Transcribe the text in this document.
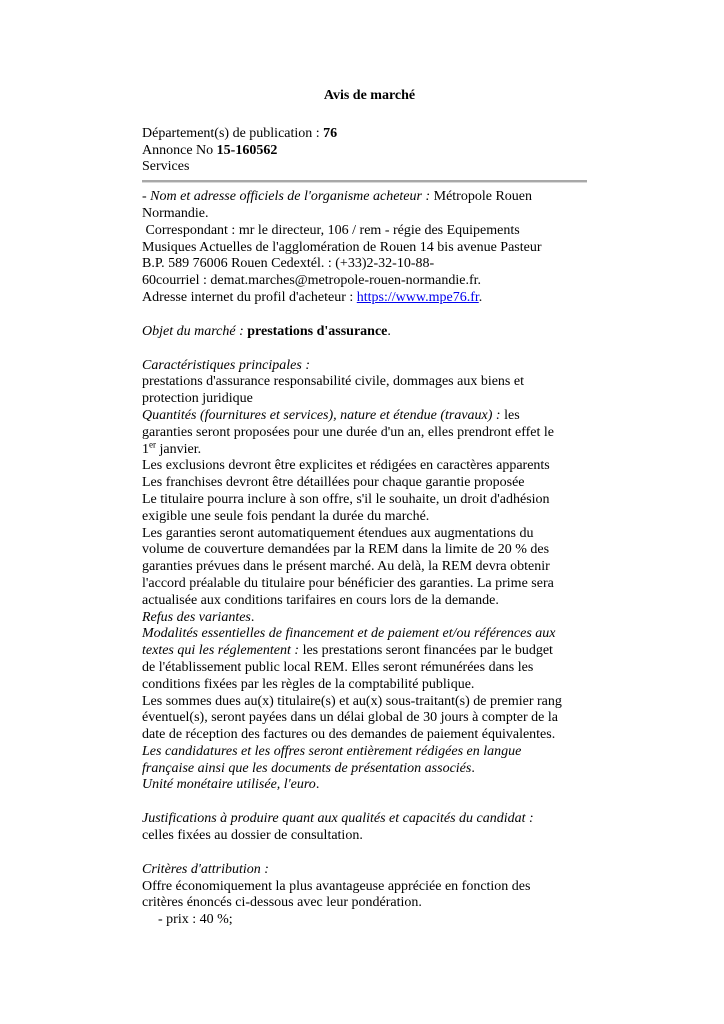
Avis de marché

Département(s) de publication : 76

Annonce No 15-160562

Services

- Nom et adresse officiels de l'organisme acheteur : Métropole Rouen

Normandie.

Correspondant : mr le directeur, 106 / rem - régie des Equipements

Musiques Actuelles de l'agglomération de Rouen 14 bis avenue Pasteur

B.P. 589 76006 Rouen Cedextél. : (+33)2-32-10-88-

60courriel : demat.marches@metropole-rouen-normandie.fr.

Adresse internet du profil d'acheteur : https://www.mpe76.fr.

Objet du marché : prestations d'assurance.

Caractéristiques principales :

prestations d'assurance responsabilité civile, dommages aux biens et

protection juridique

Quantités (fournitures et services), nature et étendue (travaux) : les

garanties seront proposées pour une durée d'un an, elles prendront effet le

1er janvier.

Les exclusions devront être explicites et rédigées en caractères apparents

Les franchises devront être détaillées pour chaque garantie proposée

Le titulaire pourra inclure à son offre, s'il le souhaite, un droit d'adhésion

exigible une seule fois pendant la durée du marché.

Les garanties seront automatiquement étendues aux augmentations du

volume de couverture demandées par la REM dans la limite de 20 % des

garanties prévues dans le présent marché. Au delà, la REM devra obtenir

l'accord préalable du titulaire pour bénéficier des garanties. La prime sera

actualisée aux conditions tarifaires en cours lors de la demande.

Refus des variantes.

Modalités essentielles de financement et de paiement et/ou références aux

textes qui les réglementent : les prestations seront financées par le budget

de l'établissement public local REM. Elles seront rémunérées dans les

conditions fixées par les règles de la comptabilité publique.

Les sommes dues au(x) titulaire(s) et au(x) sous-traitant(s) de premier rang

éventuel(s), seront payées dans un délai global de 30 jours à compter de la

date de réception des factures ou des demandes de paiement équivalentes.

Les candidatures et les offres seront entièrement rédigées en langue

française ainsi que les documents de présentation associés.

Unité monétaire utilisée, l'euro.

Justifications à produire quant aux qualités et capacités du candidat :

celles fixées au dossier de consultation.

Critères d'attribution :

Offre économiquement la plus avantageuse appréciée en fonction des

critères énoncés ci-dessous avec leur pondération.

- prix : 40 %;
